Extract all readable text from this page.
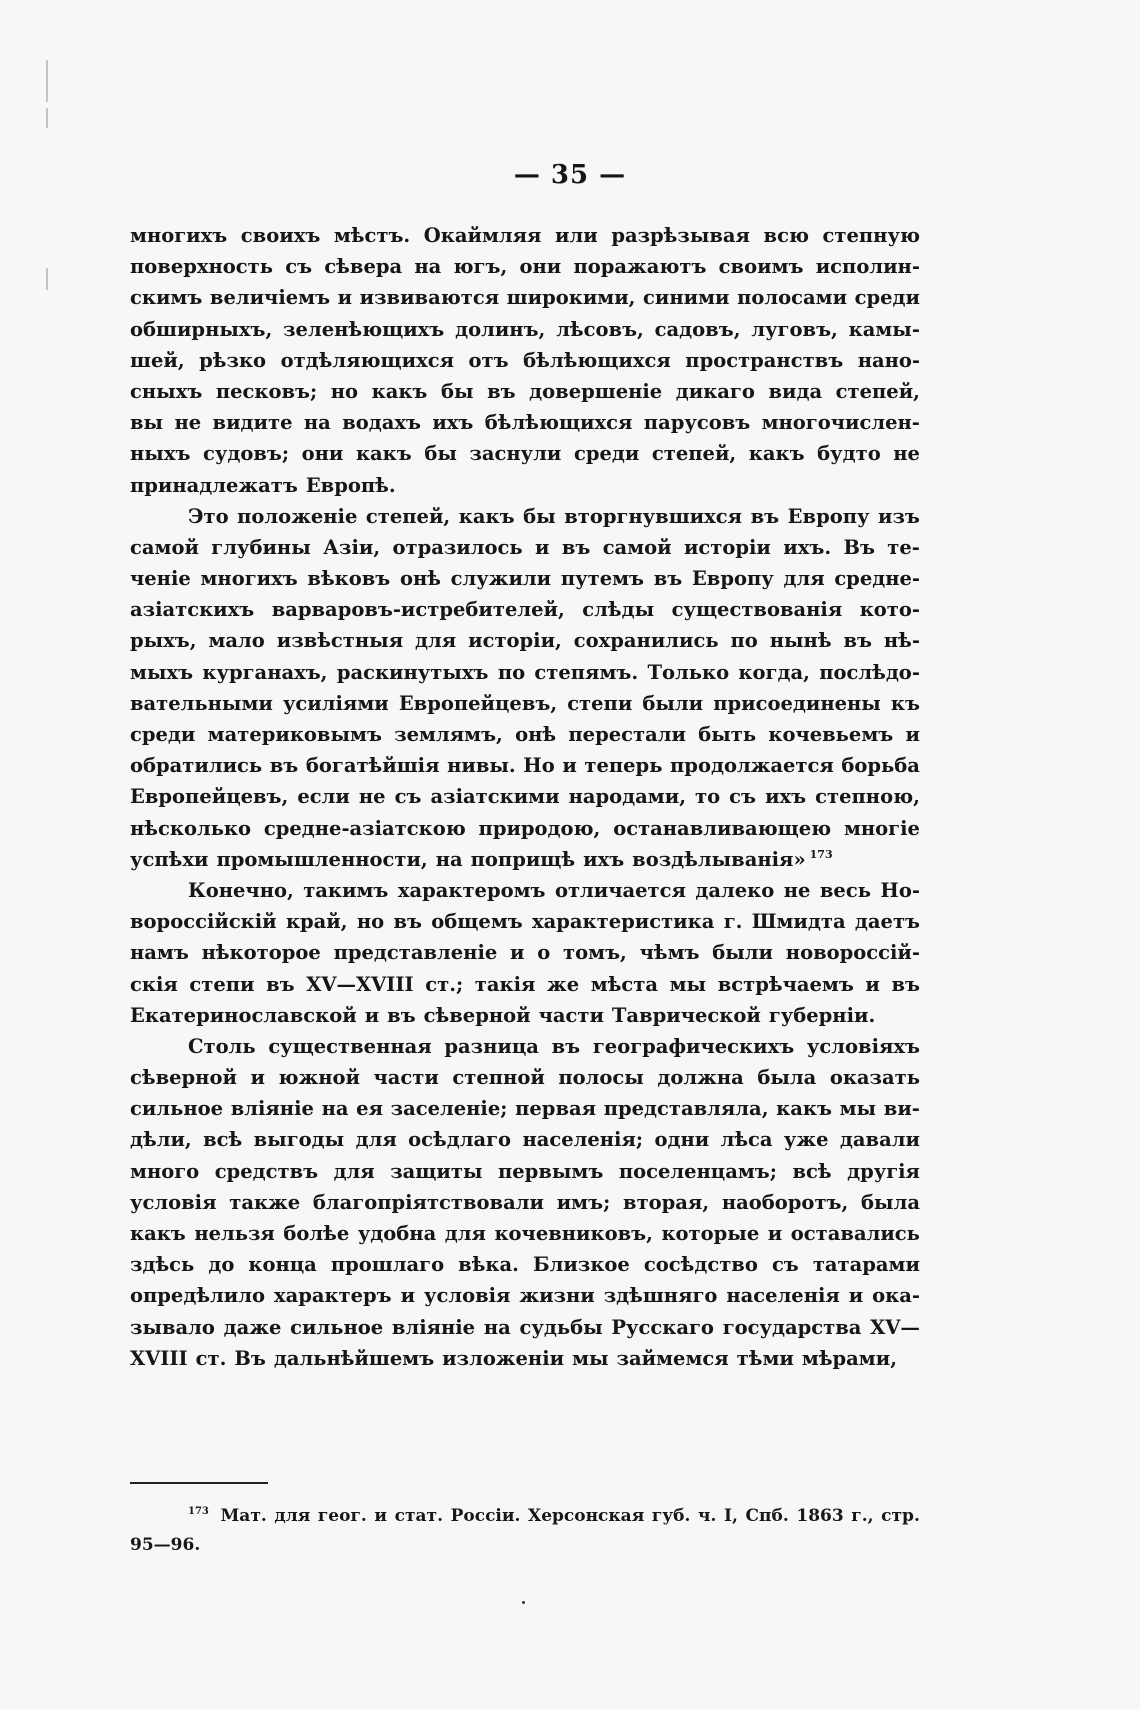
— 35 —
многихъ своихъ мѣстъ. Окаймляя или разрѣзывая всю степную
поверхность съ сѣвера на югъ, они поражаютъ своимъ исполин-
скимъ величіемъ и извиваются широкими, синими полосами среди
обширныхъ, зеленѣющихъ долинъ, лѣсовъ, садовъ, луговъ, камы-
шей, рѣзко отдѣляющихся отъ бѣлѣющихся пространствъ нано-
сныхъ песковъ; но какъ бы въ довершеніе дикаго вида степей,
вы не видите на водахъ ихъ бѣлѣющихся парусовъ многочислен-
ныхъ судовъ; они какъ бы заснули среди степей, какъ будто не
принадлежатъ Европѣ.
Это положеніе степей, какъ бы вторгнувшихся въ Европу изъ
самой глубины Азіи, отразилось и въ самой исторіи ихъ. Въ те-
ченіе многихъ вѣковъ онѣ служили путемъ въ Европу для средне-
азіатскихъ варваровъ-истребителей, слѣды существованія кото-
рыхъ, мало извѣстныя для исторіи, сохранились по нынѣ въ нѣ-
мыхъ курганахъ, раскинутыхъ по степямъ. Только когда, послѣдо-
вательными усиліями Европейцевъ, степи были присоединены къ
среди материковымъ землямъ, онѣ перестали быть кочевьемъ и
обратились въ богатѣйшія нивы. Но и теперь продолжается борьба
Европейцевъ, если не съ азіатскими народами, то съ ихъ степною,
нѣсколько средне-азіатскою природою, останавливающею многіе
успѣхи промышленности, на поприщѣ ихъ воздѣлыванія» 173
Конечно, такимъ характеромъ отличается далеко не весь Но-
вороссійскій край, но въ общемъ характеристика г. Шмидта даетъ
намъ нѣкоторое представленіе и о томъ, чѣмъ были новороссій-
скія степи въ XV—XVIII ст.; такія же мѣста мы встрѣчаемъ и въ
Екатеринославской и въ сѣверной части Таврической губерніи.
Столь существенная разница въ географическихъ условіяхъ
сѣверной и южной части степной полосы должна была оказать
сильное вліяніе на ея заселеніе; первая представляла, какъ мы ви-
дѣли, всѣ выгоды для осѣдлаго населенія; одни лѣса уже давали
много средствъ для защиты первымъ поселенцамъ; всѣ другія
условія также благопріятствовали имъ; вторая, наоборотъ, была
какъ нельзя болѣе удобна для кочевниковъ, которые и оставались
здѣсь до конца прошлаго вѣка. Близкое сосѣдство съ татарами
опредѣлило характеръ и условія жизни здѣшняго населенія и ока-
зывало даже сильное вліяніе на судьбы Русскаго государства XV—
XVIII ст. Въ дальнѣйшемъ изложеніи мы займемся тѣми мѣрами,
173 Мат. для геог. и стат. Россіи. Херсонская губ. ч. I, Спб. 1863 г., стр.
95—96.
